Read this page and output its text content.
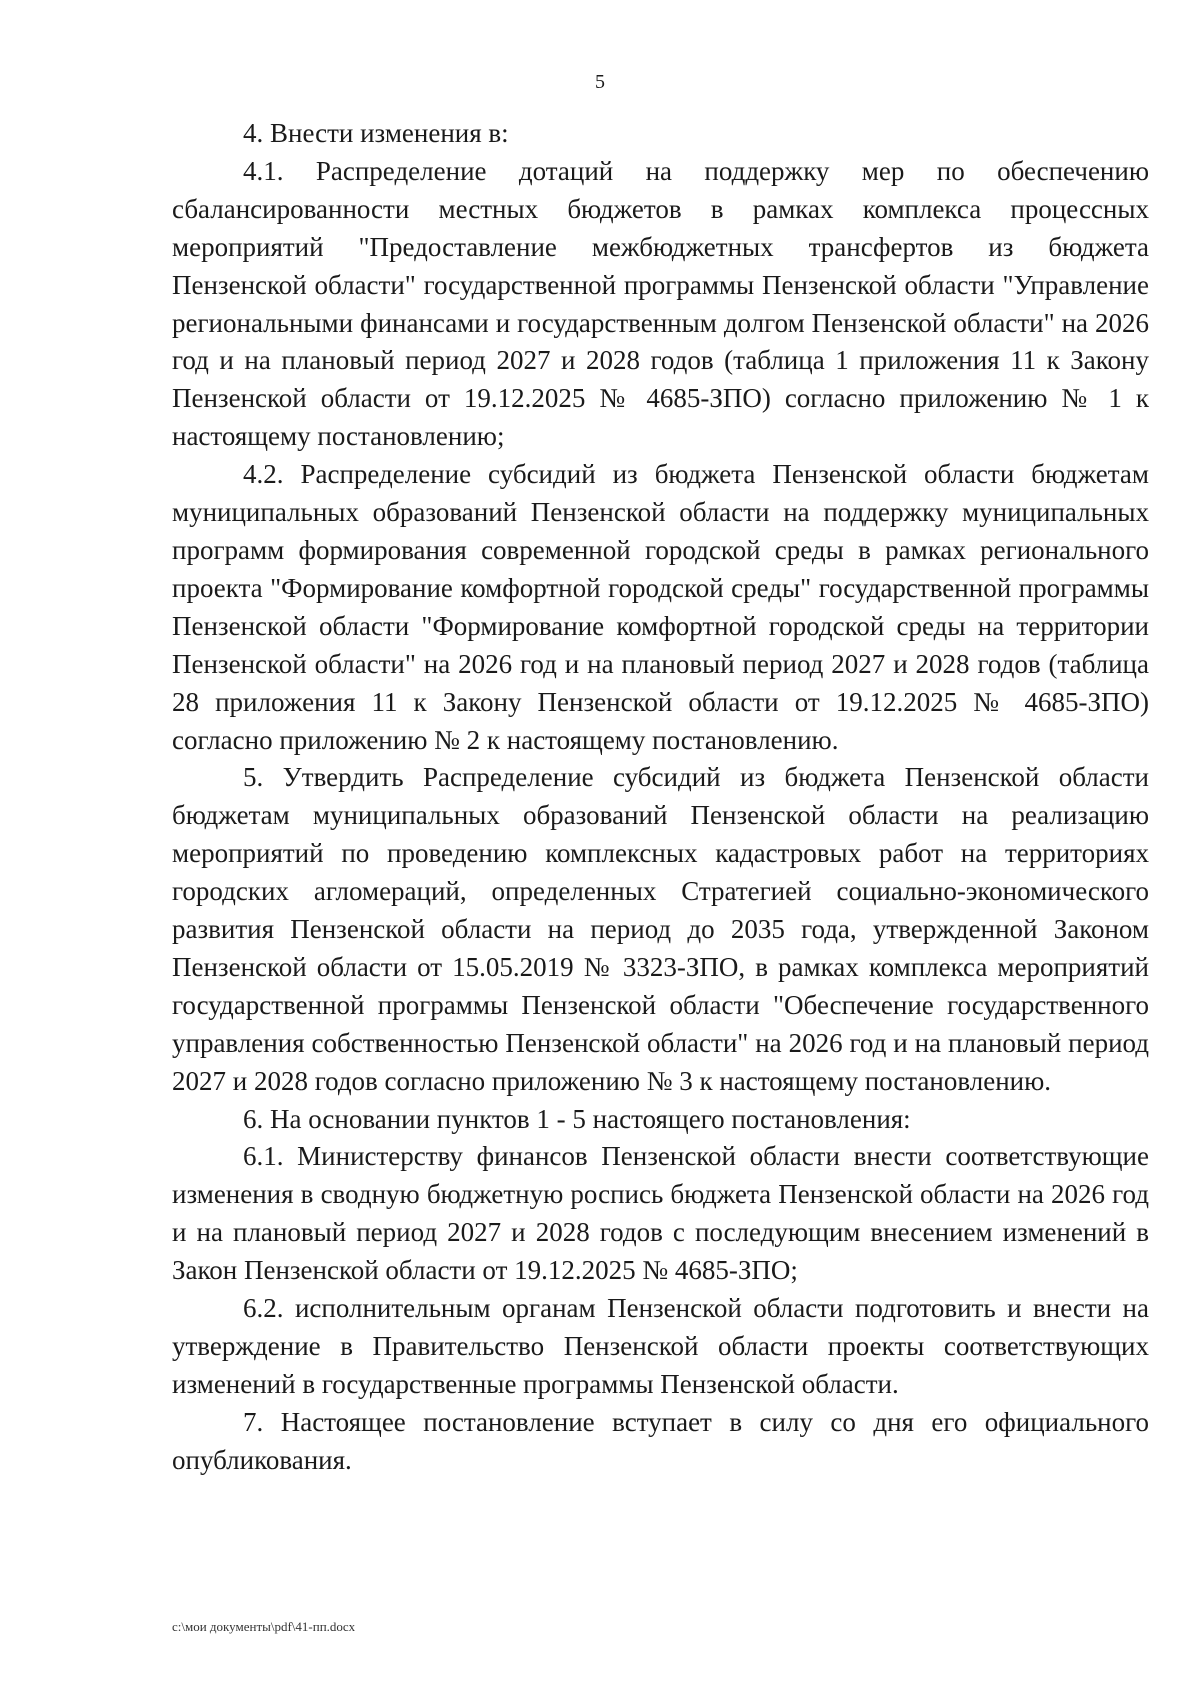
5

4. Внести изменения в:

4.1. Распределение дотаций на поддержку мер по обеспечению сбалансированности местных бюджетов в рамках комплекса процессных мероприятий "Предоставление межбюджетных трансфертов из бюджета Пензенской области" государственной программы Пензенской области "Управление региональными финансами и государственным долгом Пензенской области" на 2026 год и на плановый период 2027 и 2028 годов (таблица 1 приложения 11 к Закону Пензенской области от 19.12.2025 № 4685-ЗПО) согласно приложению № 1 к настоящему постановлению;

4.2. Распределение субсидий из бюджета Пензенской области бюджетам муниципальных образований Пензенской области на поддержку муниципальных программ формирования современной городской среды в рамках регионального проекта "Формирование комфортной городской среды" государственной программы Пензенской области "Формирование комфортной городской среды на территории Пензенской области" на 2026 год и на плановый период 2027 и 2028 годов (таблица 28 приложения 11 к Закону Пензенской области от 19.12.2025 № 4685-ЗПО) согласно приложению № 2 к настоящему постановлению.

5. Утвердить Распределение субсидий из бюджета Пензенской области бюджетам муниципальных образований Пензенской области на реализацию мероприятий по проведению комплексных кадастровых работ на территориях городских агломераций, определенных Стратегией социально-экономического развития Пензенской области на период до 2035 года, утвержденной Законом Пензенской области от 15.05.2019 № 3323-ЗПО, в рамках комплекса мероприятий государственной программы Пензенской области "Обеспечение государственного управления собственностью Пензенской области" на 2026 год и на плановый период 2027 и 2028 годов согласно приложению № 3 к настоящему постановлению.

6. На основании пунктов 1 - 5 настоящего постановления:

6.1. Министерству финансов Пензенской области внести соответствующие изменения в сводную бюджетную роспись бюджета Пензенской области на 2026 год и на плановый период 2027 и 2028 годов с последующим внесением изменений в Закон Пензенской области от 19.12.2025 № 4685-ЗПО;

6.2. исполнительным органам Пензенской области подготовить и внести на утверждение в Правительство Пензенской области проекты соответствующих изменений в государственные программы Пензенской области.

7. Настоящее постановление вступает в силу со дня его официального опубликования.

c:\мои документы\pdf\41-пп.docx
